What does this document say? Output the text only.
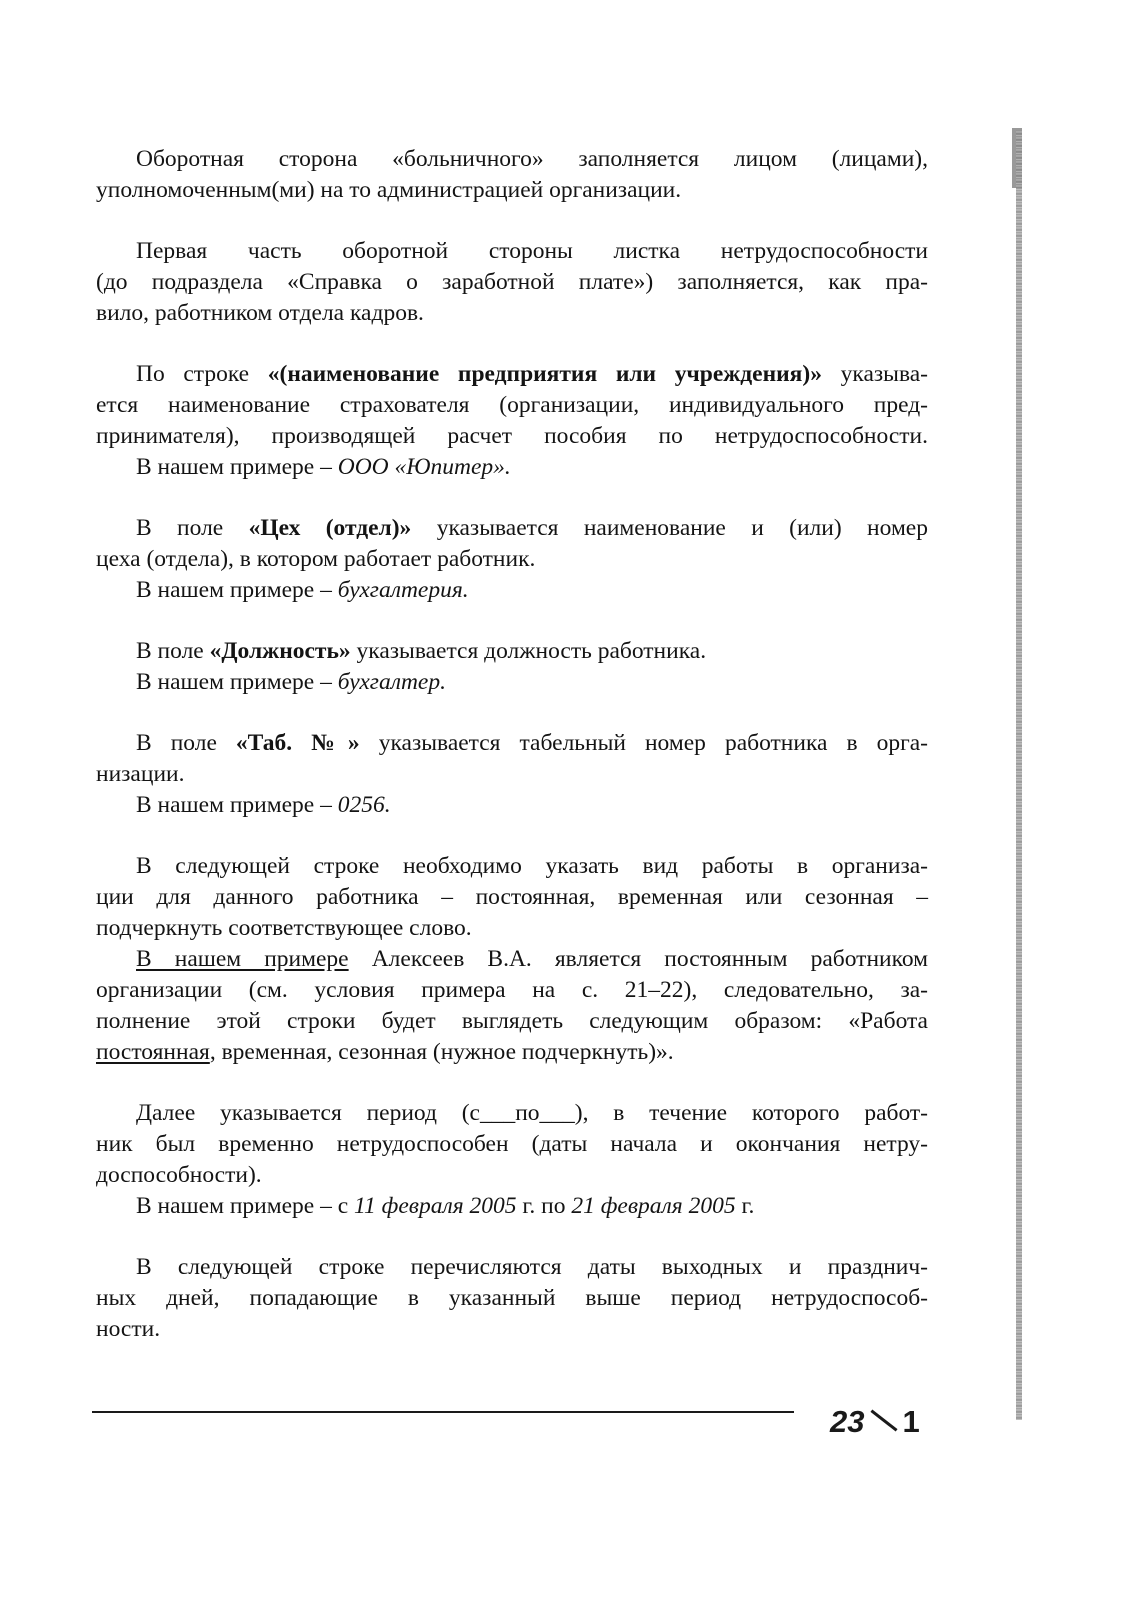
Оборотная сторона «больничного» заполняется лицом (лицами),
уполномоченным(ми) на то администрацией организации.
Первая часть оборотной стороны листка нетрудоспособности
(до подраздела «Справка о заработной плате») заполняется, как пра-
вило, работником отдела кадров.
По строке «(наименование предприятия или учреждения)» указыва-
ется наименование страхователя (организации, индивидуального пред-
принимателя), производящей расчет пособия по нетрудоспособности.
В нашем примере – ООО «Юпитер».
В поле «Цех (отдел)» указывается наименование и (или) номер
цеха (отдела), в котором работает работник.
В нашем примере – бухгалтерия.
В поле «Должность» указывается должность работника.
В нашем примере – бухгалтер.
В поле «Таб. №» указывается табельный номер работника в орга-
низации.
В нашем примере – 0256.
В следующей строке необходимо указать вид работы в организа-
ции для данного работника – постоянная, временная или сезонная –
подчеркнуть соответствующее слово.
В нашем примере Алексеев В.А. является постоянным работником
организации (см. условия примера на с. 21–22), следовательно, за-
полнение этой строки будет выглядеть следующим образом: «Работа
постоянная, временная, сезонная (нужное подчеркнуть)».
Далее указывается период (с___по___), в течение которого работ-
ник был временно нетрудоспособен (даты начала и окончания нетру-
доспособности).
В нашем примере – с 11 февраля 2005 г. по 21 февраля 2005 г.
В следующей строке перечисляются даты выходных и празднич-
ных дней, попадающие в указанный выше период нетрудоспособ-
ности.
23 1
